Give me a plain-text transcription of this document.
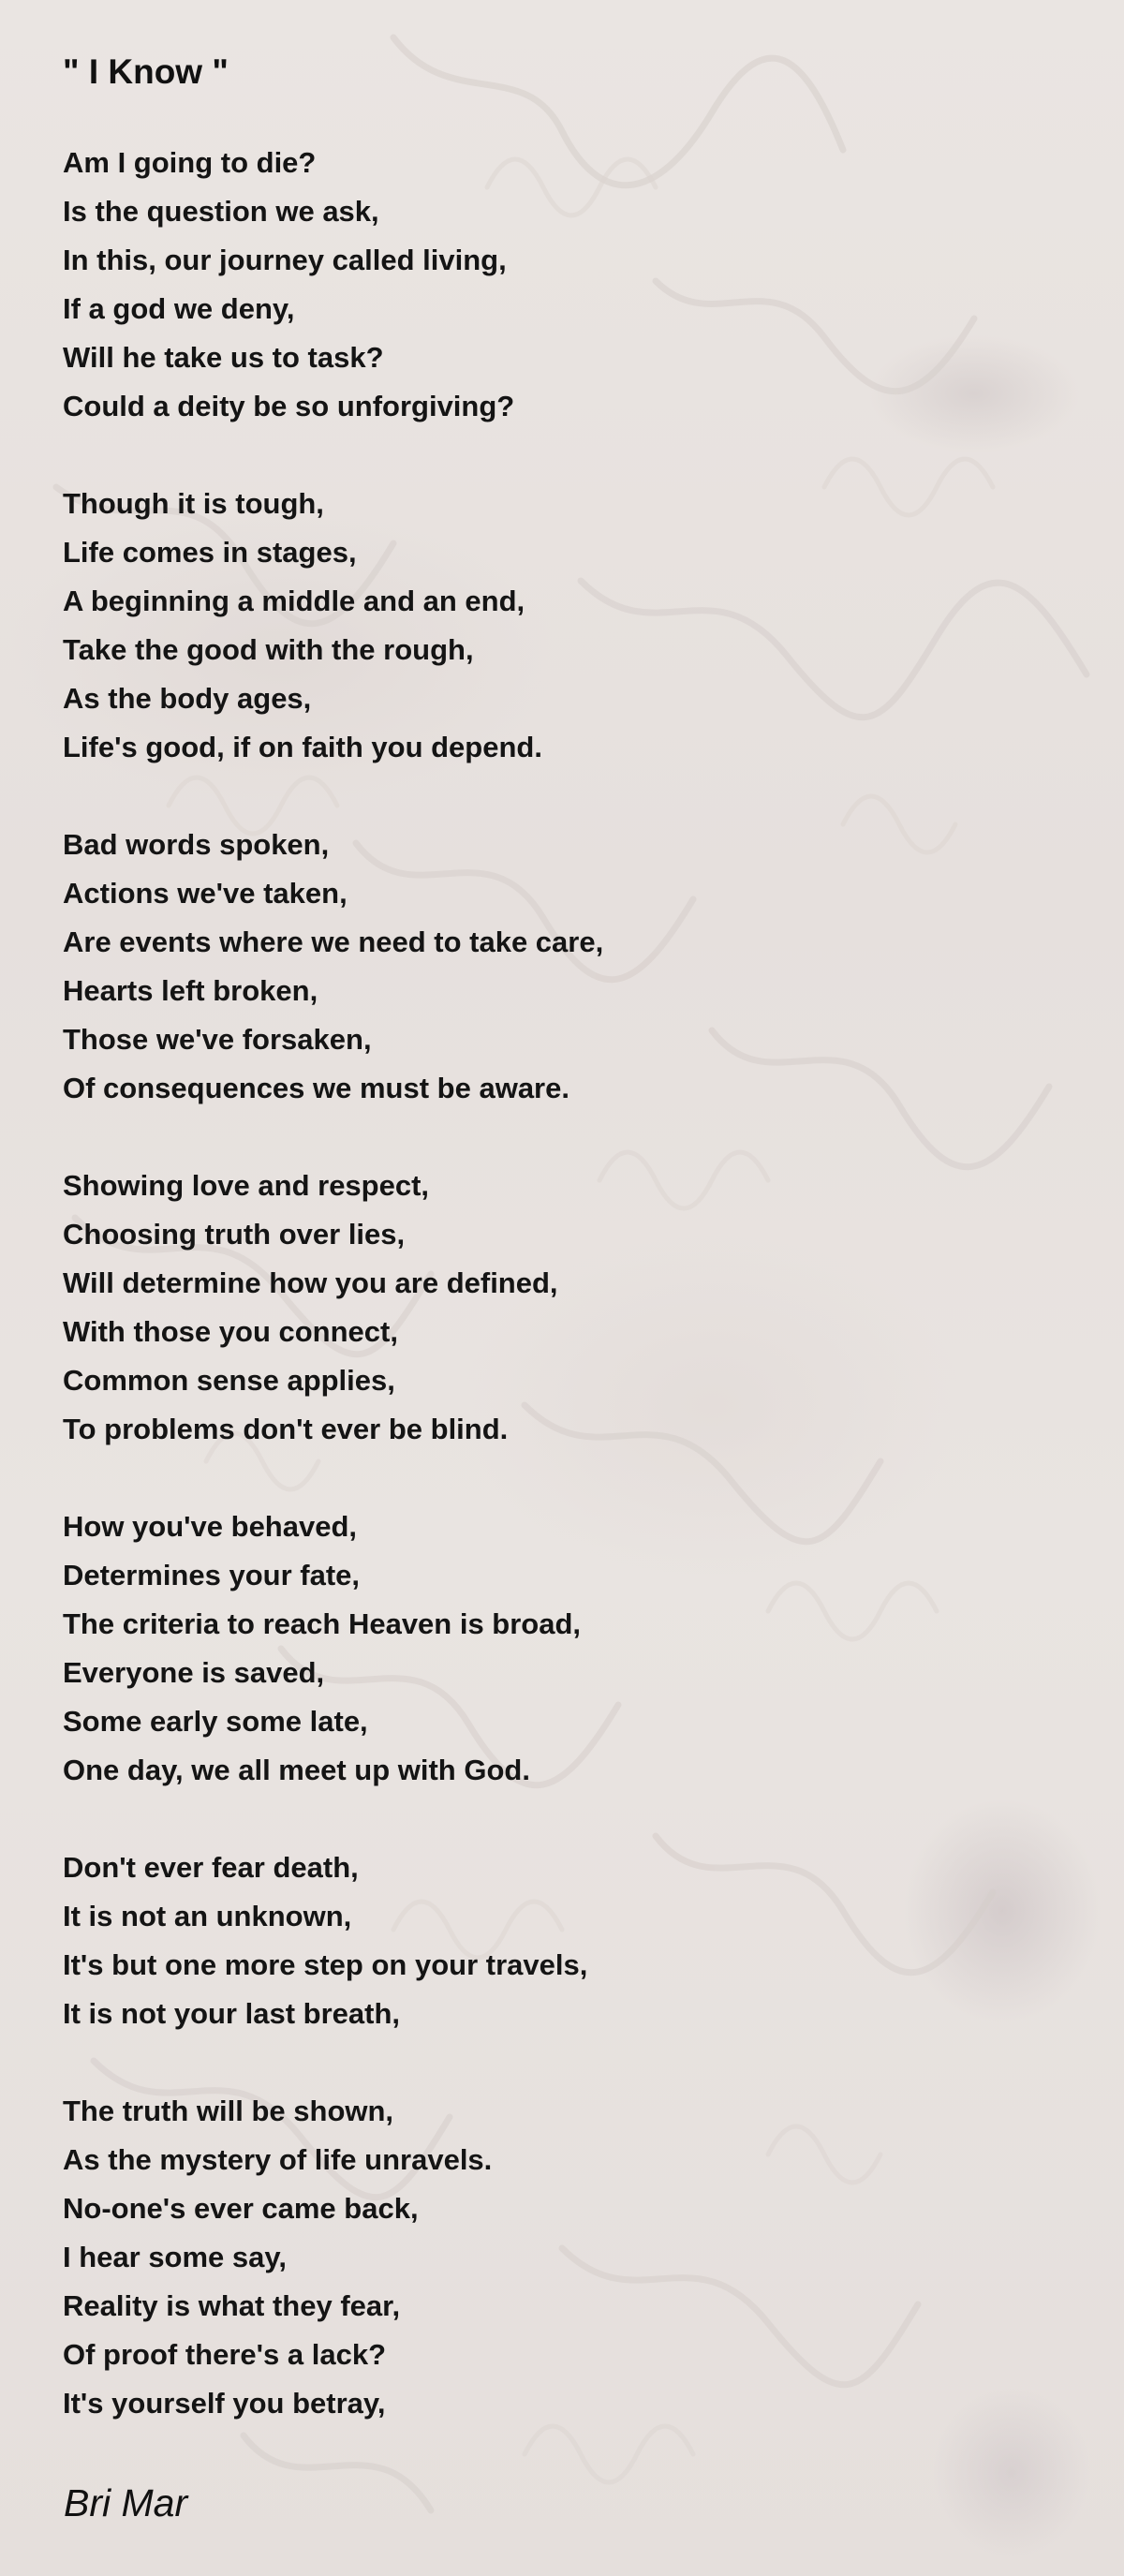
" I Know "
Am I going to die?
Is the question we ask,
In this, our journey called living,
If a god we deny,
Will he take us to task?
Could a deity be so unforgiving?
Though it is tough,
Life comes in stages,
A beginning a middle and an end,
Take the good with the rough,
As the body ages,
Life's good, if on faith you depend.
Bad words spoken,
Actions we've taken,
Are events where we need to take care,
Hearts left broken,
Those we've forsaken,
Of consequences we must be aware.
Showing love and respect,
Choosing truth over lies,
Will determine how you are defined,
With those you connect,
Common sense applies,
To problems don't ever be blind.
How you've behaved,
Determines your fate,
The criteria to reach Heaven is broad,
Everyone is saved,
Some early some late,
One day, we all meet up with God.
Don't ever fear death,
It is not an unknown,
It's but one more step on your travels,
It is not your last breath,
The truth will be shown,
As the mystery of life unravels.
No-one's ever came back,
I hear some say,
Reality is what they fear,
Of proof there's a lack?
It's yourself you betray,
Bri Mar
